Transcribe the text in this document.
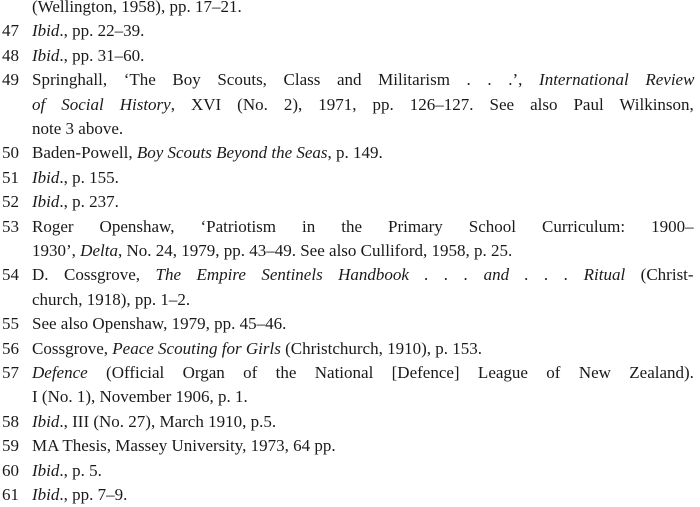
(Wellington, 1958), pp. 17–21.
47 Ibid., pp. 22–39.
48 Ibid., pp. 31–60.
49 Springhall, ‘The Boy Scouts, Class and Militarism . . .’, International Review
of Social History, XVI (No. 2), 1971, pp. 126–127. See also Paul Wilkinson,
note 3 above.
50 Baden-Powell, Boy Scouts Beyond the Seas, p. 149.
51 Ibid., p. 155.
52 Ibid., p. 237.
53 Roger Openshaw, ‘Patriotism in the Primary School Curriculum: 1900–
1930’, Delta, No. 24, 1979, pp. 43–49. See also Culliford, 1958, p. 25.
54 D. Cossgrove, The Empire Sentinels Handbook . . . and . . . Ritual (Christ-
church, 1918), pp. 1–2.
55 See also Openshaw, 1979, pp. 45–46.
56 Cossgrove, Peace Scouting for Girls (Christchurch, 1910), p. 153.
57 Defence (Official Organ of the National [Defence] League of New Zealand).
I (No. 1), November 1906, p. 1.
58 Ibid., III (No. 27), March 1910, p.5.
59 MA Thesis, Massey University, 1973, 64 pp.
60 Ibid., p. 5.
61 Ibid., pp. 7–9.
